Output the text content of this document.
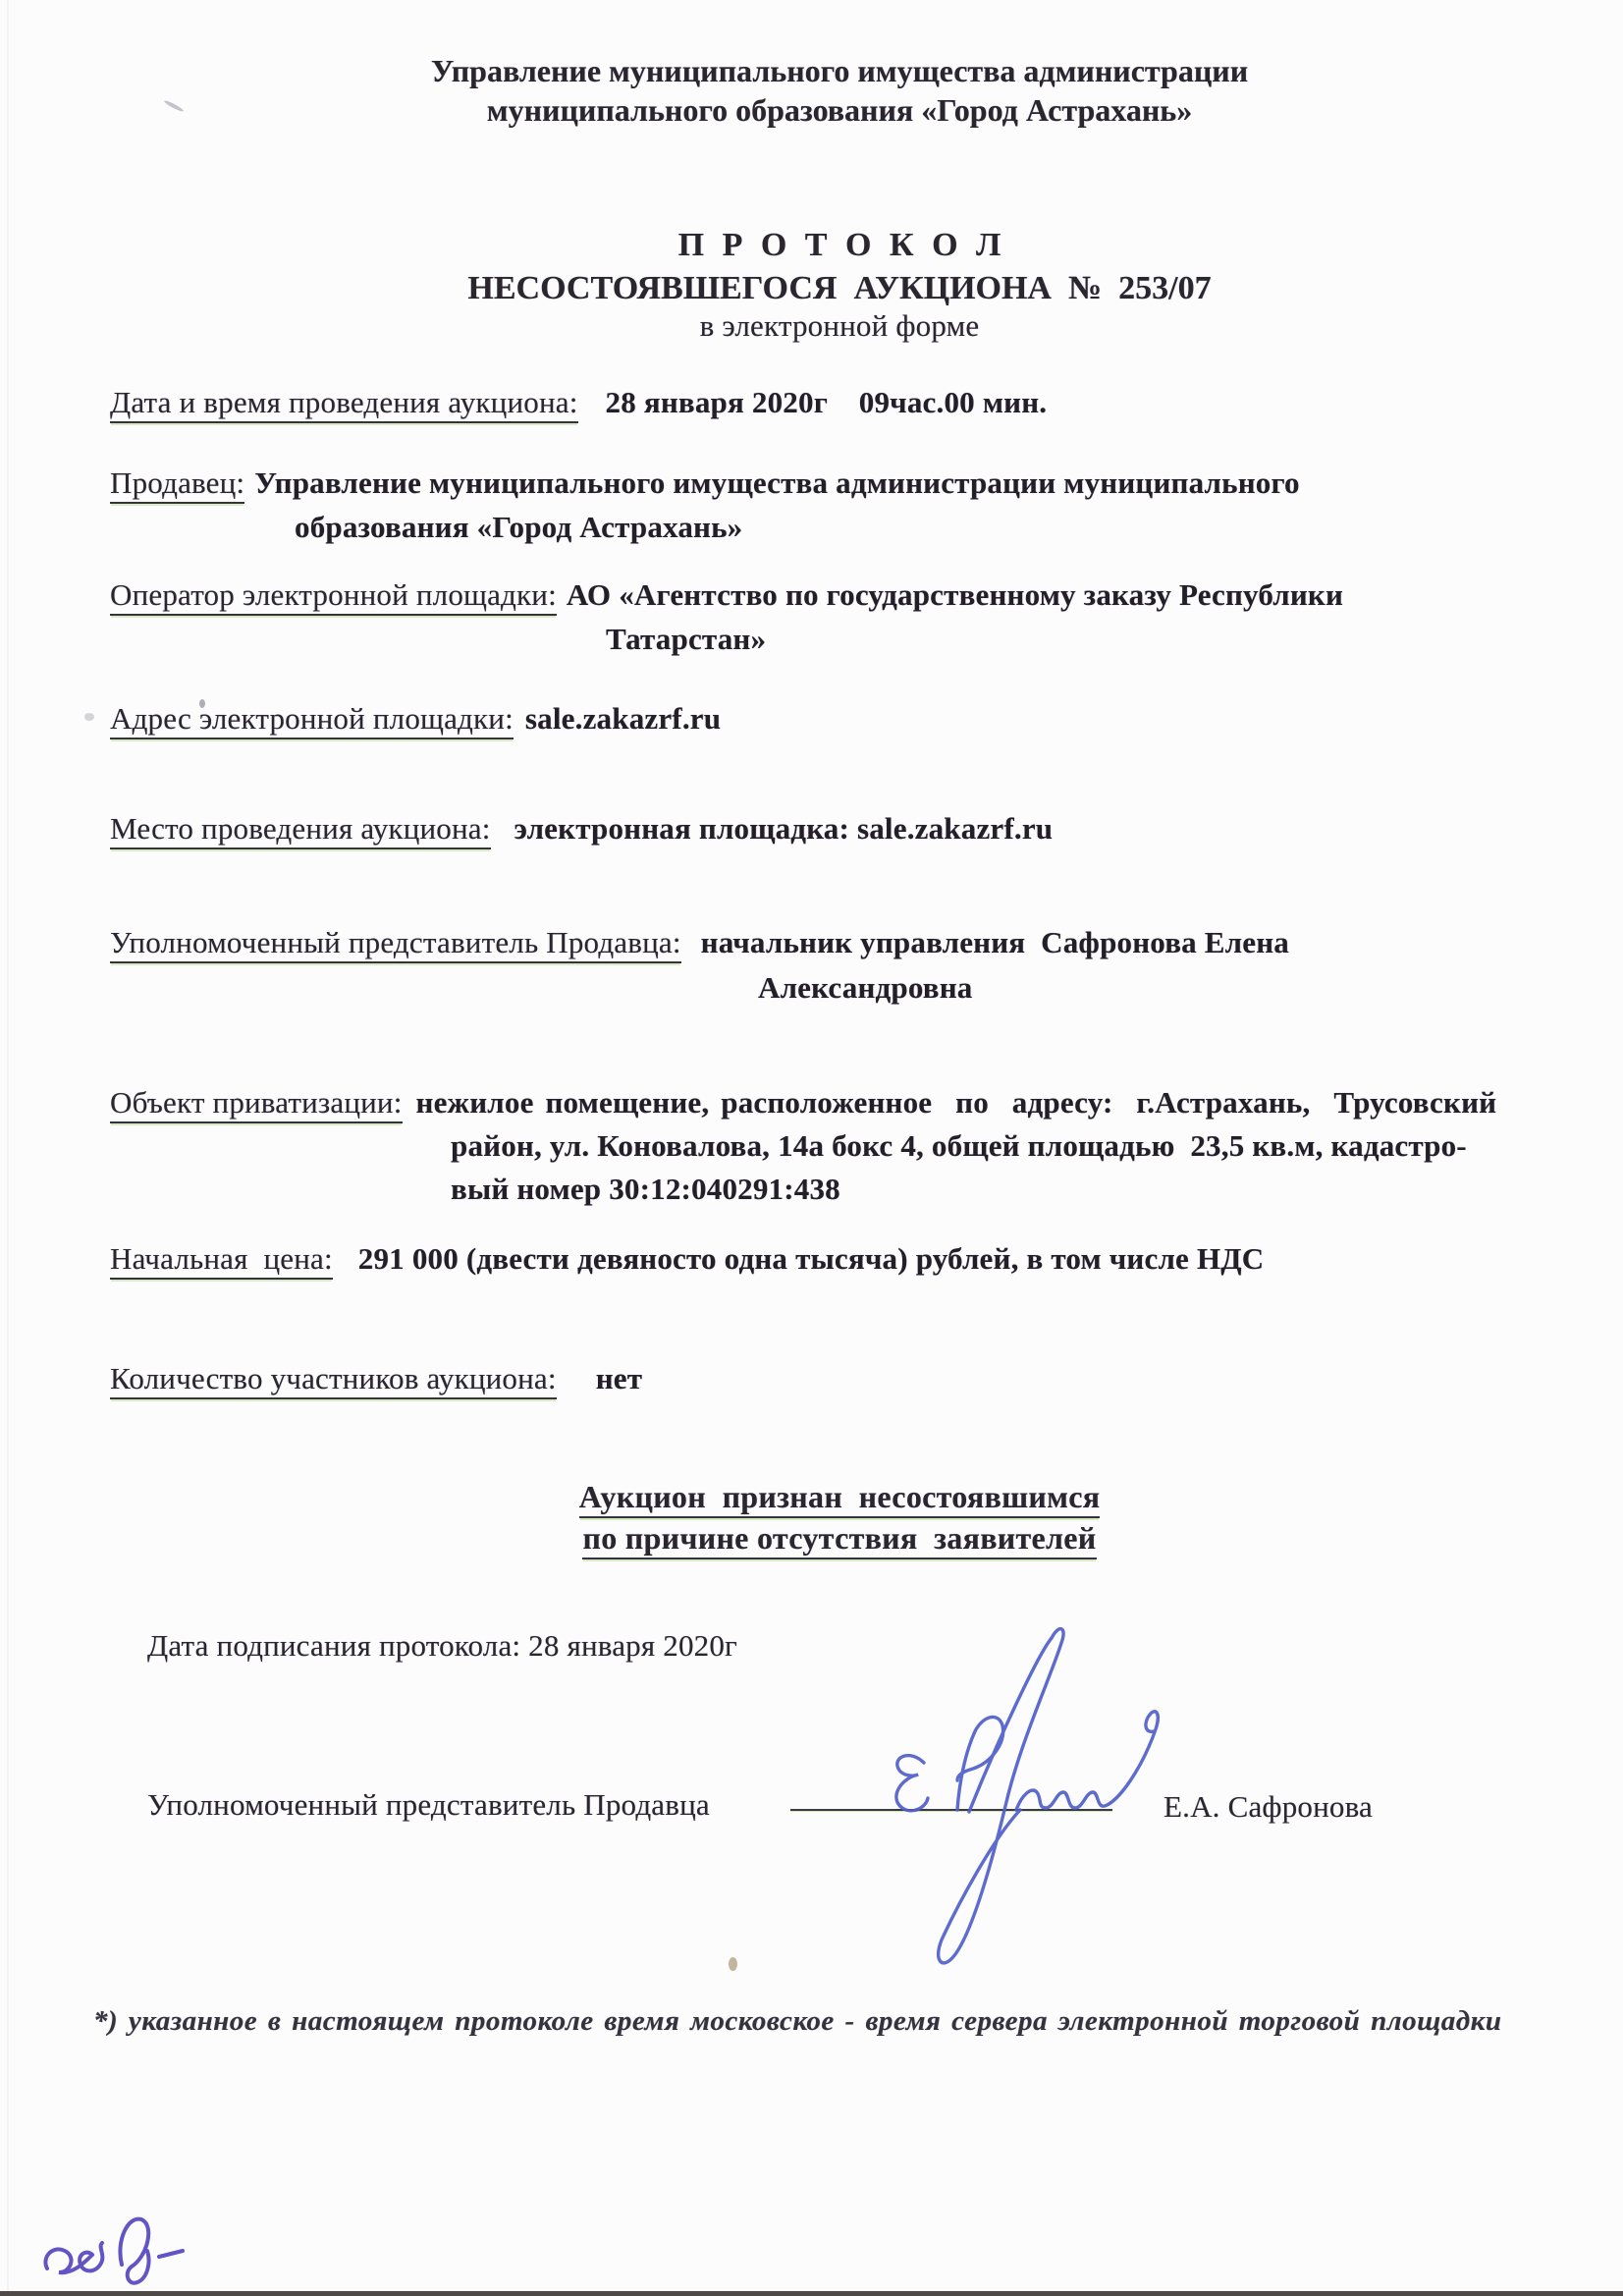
Управление муниципального имущества администрации
муниципального образования «Город Астрахань»
П Р О Т О К О Л
НЕСОСТОЯВШЕГОСЯ  АУКЦИОНА  №  253/07
в электронной форме
Дата и время проведения аукциона: 28 января 2020г    09час.00 мин.
Продавец: Управление муниципального имущества администрации муниципального
образования «Город Астрахань»
Оператор электронной площадки: АО «Агентство по государственному заказу Республики
Татарстан»
Адрес электронной площадки: sale.zakazrf.ru
Место проведения аукциона: электронная площадка: sale.zakazrf.ru
Уполномоченный представитель Продавца: начальник управления  Сафронова Елена
Александровна
Объект приватизации: нежилое помещение, расположенное  по  адресу:  г.Астрахань,  Трусовский
район, ул. Коновалова, 14а бокс 4, общей площадью  23,5 кв.м, кадастро-
вый номер 30:12:040291:438
Начальная  цена: 291 000 (двести девяносто одна тысяча) рублей, в том числе НДС
Количество участников аукциона: нет
Аукцион  признан  несостоявшимся
по причине отсутствия  заявителей
Дата подписания протокола: 28 января 2020г
Уполномоченный представитель Продавца	Е.А. Сафронова
*) указанное в настоящем протоколе время московское - время сервера электронной торговой площадки
